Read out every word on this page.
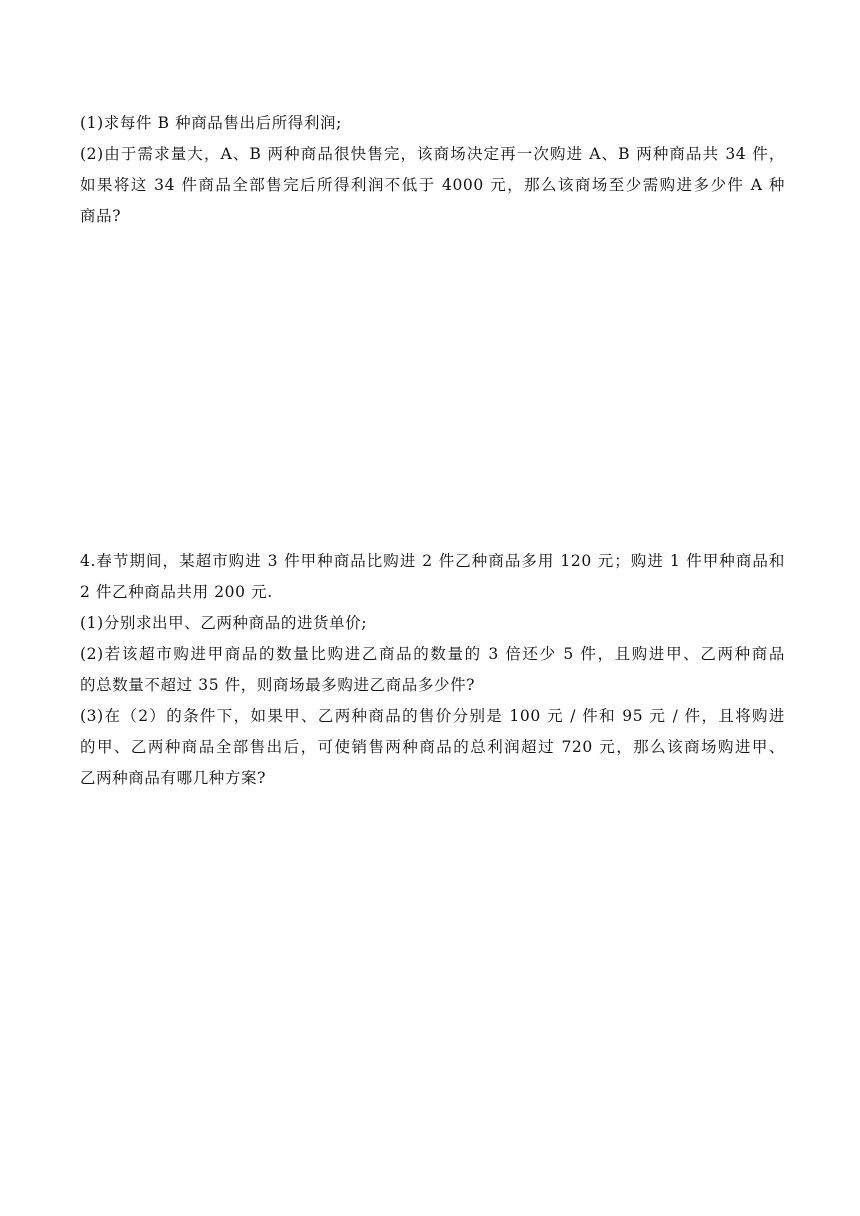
(1)求每件 B 种商品售出后所得利润;
(2)由于需求量大，A、B 两种商品很快售完，该商场决定再一次购进 A、B 两种商品共 34 件，
如果将这 34 件商品全部售完后所得利润不低于 4000 元，那么该商场至少需购进多少件 A 种
商品?
4.春节期间，某超市购进 3 件甲种商品比购进 2 件乙种商品多用 120 元；购进 1 件甲种商品和
2 件乙种商品共用 200 元.
(1)分别求出甲、乙两种商品的进货单价;
(2)若该超市购进甲商品的数量比购进乙商品的数量的 3 倍还少 5 件，且购进甲、乙两种商品
的总数量不超过 35 件，则商场最多购进乙商品多少件?
(3)在（2）的条件下，如果甲、乙两种商品的售价分别是 100 元 / 件和 95 元 / 件，且将购进
的甲、乙两种商品全部售出后，可使销售两种商品的总利润超过 720 元，那么该商场购进甲、
乙两种商品有哪几种方案?
